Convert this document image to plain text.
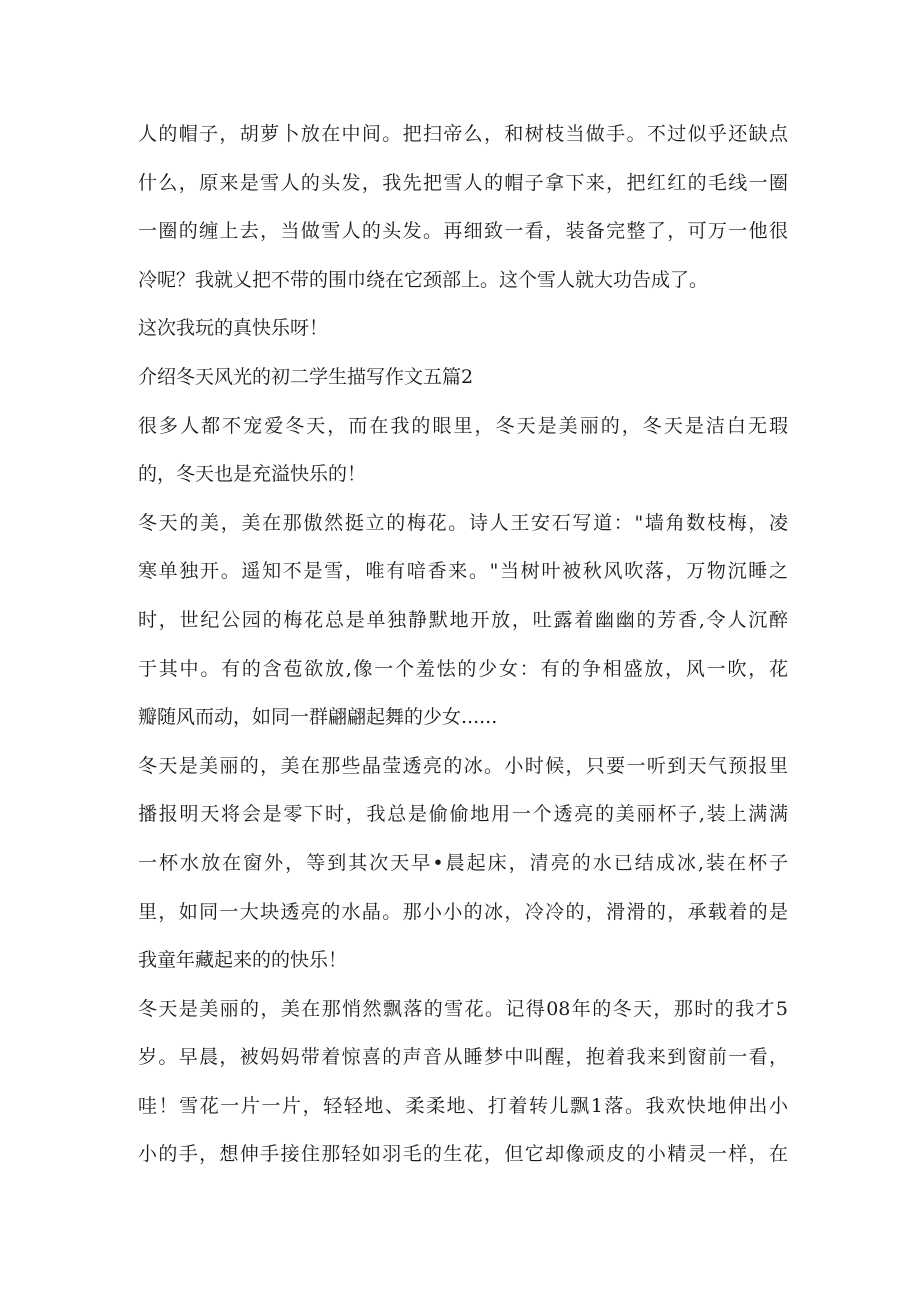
人的帽子，胡萝卜放在中间。把扫帝么，和树枝当做手。不过似乎还缺点
什么，原来是雪人的头发，我先把雪人的帽子拿下来，把红红的毛线一圈
一圈的缠上去，当做雪人的头发。再细致一看，装备完整了，可万一他很
冷呢？我就乂把不带的围巾绕在它颈部上。这个雪人就大功告成了。
这次我玩的真快乐呀！
介绍冬天风光的初二学生描写作文五篇2
很多人都不宠爱冬天，而在我的眼里，冬天是美丽的，冬天是洁白无瑕
的，冬天也是充溢快乐的！
冬天的美，美在那傲然挺立的梅花。诗人王安石写道："墙角数枝梅，凌
寒单独开。遥知不是雪，唯有喑香来。"当树叶被秋风吹落，万物沉睡之
时，世纪公园的梅花总是单独静默地开放，吐露着幽幽的芳香,令人沉醉
于其中。有的含苞欲放,像一个羞怯的少女：有的争相盛放，风一吹，花
瓣随风而动，如同一群翩翩起舞的少女......
冬天是美丽的，美在那些晶莹透亮的冰。小时候，只要一听到天气预报里
播报明天将会是零下时，我总是偷偷地用一个透亮的美丽杯子,装上满满
一杯水放在窗外，等到其次天早•晨起床，清亮的水已结成冰,装在杯子
里，如同一大块透亮的水晶。那小小的冰，冷冷的，滑滑的，承载着的是
我童年藏起来的的快乐！
冬天是美丽的，美在那悄然飘落的雪花。记得08年的冬天，那时的我才5
岁。早晨，被妈妈带着惊喜的声音从睡梦中叫醒，抱着我来到窗前一看，
哇！雪花一片一片，轻轻地、柔柔地、打着转儿飘1落。我欢快地伸出小
小的手，想伸手接住那轻如羽毛的生花，但它却像顽皮的小精灵一样，在
